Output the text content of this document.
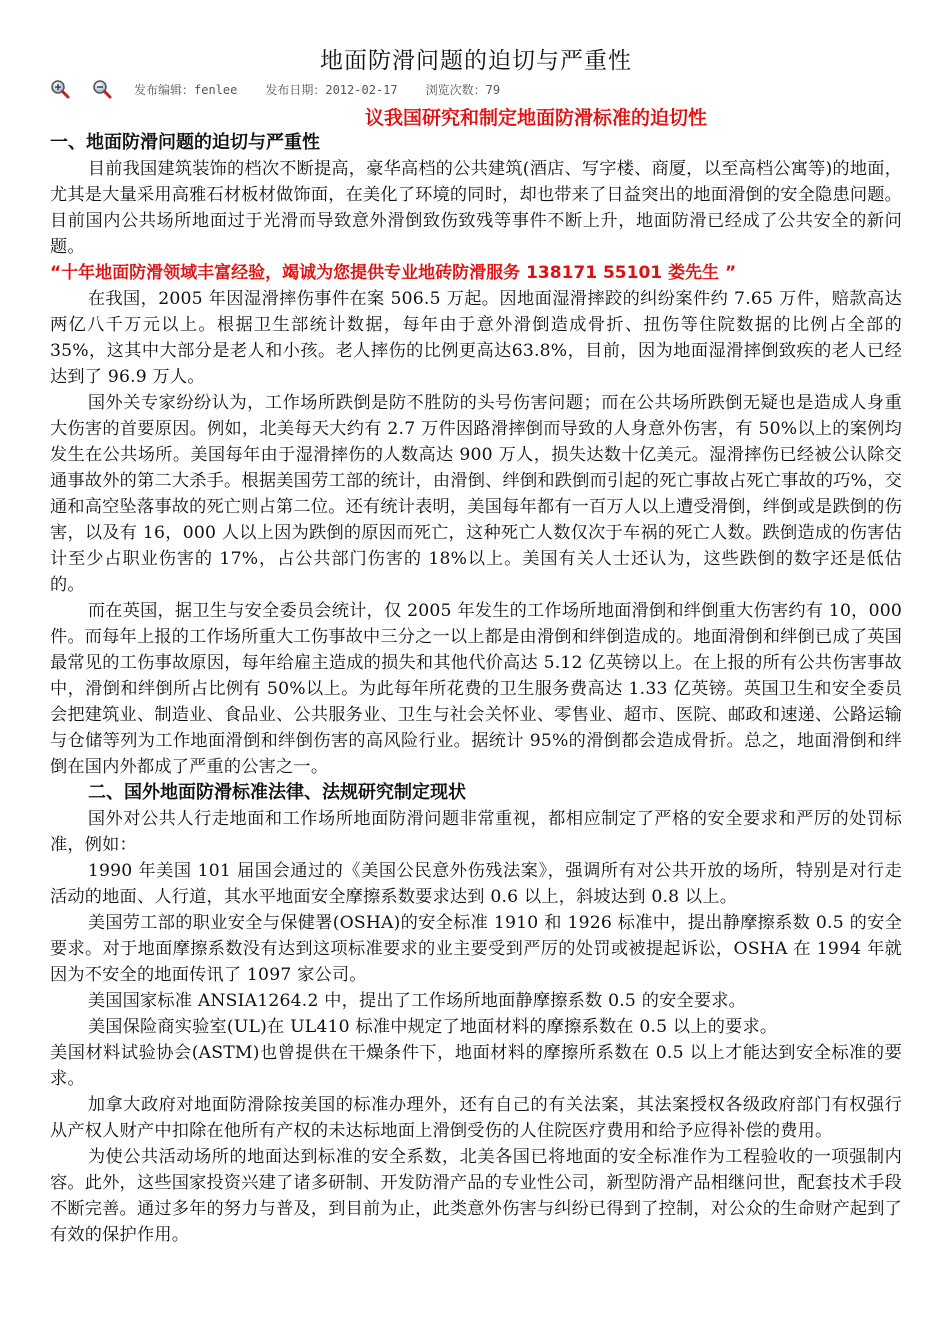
地面防滑问题的迫切与严重性
发布编辑：fenlee 发布日期：2012-02-17 浏览次数：79
议我国研究和制定地面防滑标准的迫切性
一、地面防滑问题的迫切与严重性

目前我国建筑装饰的档次不断提高，豪华高档的公共建筑(酒店、写字楼、商厦，以至高档公寓等)的地面，尤其是大量采用高雅石材板材做饰面，在美化了环境的同时，却也带来了日益突出的地面滑倒的安全隐患问题。目前国内公共场所地面过于光滑而导致意外滑倒致伤致残等事件不断上升，地面防滑已经成了公共安全的新问题。

“十年地面防滑领域丰富经验，竭诚为您提供专业地砖防滑服务 138171 55101 娄先生 ”

在我国，2005 年因湿滑摔伤事件在案 506.5 万起。因地面湿滑摔跤的纠纷案件约 7.65 万件，赔款高达两亿八千万元以上。根据卫生部统计数据，每年由于意外滑倒造成骨折、扭伤等住院数据的比例占全部的 35%，这其中大部分是老人和小孩。老人摔伤的比例更高达63.8%，目前，因为地面湿滑摔倒致疾的老人已经达到了 96.9 万人。

国外关专家纷纷认为，工作场所跌倒是防不胜防的头号伤害问题；而在公共场所跌倒无疑也是造成人身重大伤害的首要原因。例如，北美每天大约有 2.7 万件因路滑摔倒而导致的人身意外伤害，有 50%以上的案例均发生在公共场所。美国每年由于湿滑摔伤的人数高达 900 万人，损失达数十亿美元。湿滑摔伤已经被公认除交通事故外的第二大杀手。根据美国劳工部的统计，由滑倒、绊倒和跌倒而引起的死亡事故占死亡事故的巧%，交通和高空坠落事故的死亡则占第二位。还有统计表明，美国每年都有一百万人以上遭受滑倒，绊倒或是跌倒的伤害，以及有 16，000 人以上因为跌倒的原因而死亡，这种死亡人数仅次于车祸的死亡人数。跌倒造成的伤害估计至少占职业伤害的 17%，占公共部门伤害的 18%以上。美国有关人士还认为，这些跌倒的数字还是低估的。

而在英国，据卫生与安全委员会统计，仅 2005 年发生的工作场所地面滑倒和绊倒重大伤害约有 10，000 件。而每年上报的工作场所重大工伤事故中三分之一以上都是由滑倒和绊倒造成的。地面滑倒和绊倒已成了英国最常见的工伤事故原因，每年给雇主造成的损失和其他代价高达 5.12 亿英镑以上。在上报的所有公共伤害事故中，滑倒和绊倒所占比例有 50%以上。为此每年所花费的卫生服务费高达 1.33 亿英镑。英国卫生和安全委员会把建筑业、制造业、食品业、公共服务业、卫生与社会关怀业、零售业、超市、医院、邮政和速递、公路运输与仓储等列为工作地面滑倒和绊倒伤害的高风险行业。据统计 95%的滑倒都会造成骨折。总之，地面滑倒和绊倒在国内外都成了严重的公害之一。

二、国外地面防滑标准法律、法规研究制定现状

国外对公共人行走地面和工作场所地面防滑问题非常重视，都相应制定了严格的安全要求和严厉的处罚标准，例如：

1990 年美国 101 届国会通过的《美国公民意外伤残法案》，强调所有对公共开放的场所，特别是对行走活动的地面、人行道，其水平地面安全摩擦系数要求达到 0.6 以上，斜坡达到 0.8 以上。

美国劳工部的职业安全与保健署(OSHA)的安全标准 1910 和 1926 标准中，提出静摩擦系数 0.5 的安全要求。对于地面摩擦系数没有达到这项标准要求的业主要受到严厉的处罚或被提起诉讼，OSHA 在 1994 年就因为不安全的地面传讯了 1097 家公司。

美国国家标准 ANSIA1264.2 中，提出了工作场所地面静摩擦系数 0.5 的安全要求。

美国保险商实验室(UL)在 UL410 标准中规定了地面材料的摩擦系数在 0.5 以上的要求。

美国材料试验协会(ASTM)也曾提供在干燥条件下，地面材料的摩擦所系数在 0.5 以上才能达到安全标准的要求。

加拿大政府对地面防滑除按美国的标准办理外，还有自己的有关法案，其法案授权各级政府部门有权强行从产权人财产中扣除在他所有产权的未达标地面上滑倒受伤的人住院医疗费用和给予应得补偿的费用。

为使公共活动场所的地面达到标准的安全系数，北美各国已将地面的安全标准作为工程验收的一项强制内容。此外，这些国家投资兴建了诸多研制、开发防滑产品的专业性公司，新型防滑产品相继问世，配套技术手段不断完善。通过多年的努力与普及，到目前为止，此类意外伤害与纠纷已得到了控制，对公众的生命财产起到了有效的保护作用。
